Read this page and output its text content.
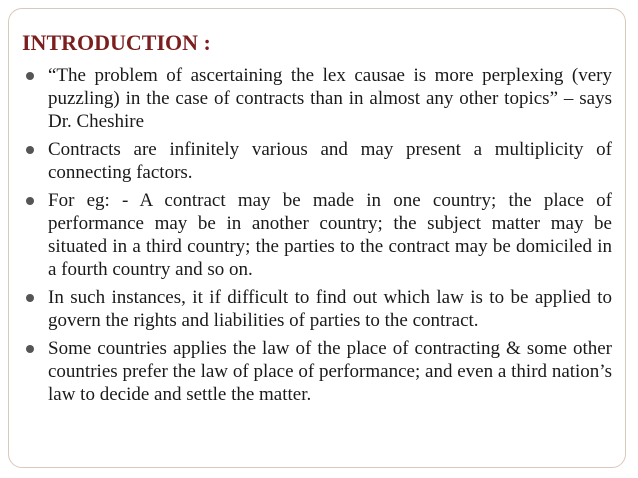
INTRODUCTION :
“The problem of ascertaining the lex causae is more perplexing (very puzzling) in the case of contracts than in almost any other topics” – says Dr. Cheshire
Contracts are infinitely various and may present a multiplicity of connecting factors.
For eg: - A contract may be made in one country; the place of performance may be in another country; the subject matter may be situated in a third country; the parties to the contract may be domiciled in a fourth country and so on.
In such instances, it if difficult to find out which law is to be applied to govern the rights and liabilities of parties to the contract.
Some countries applies the law of the place of contracting & some other countries prefer the law of place of performance; and even a third nation’s law to decide and settle the matter.
